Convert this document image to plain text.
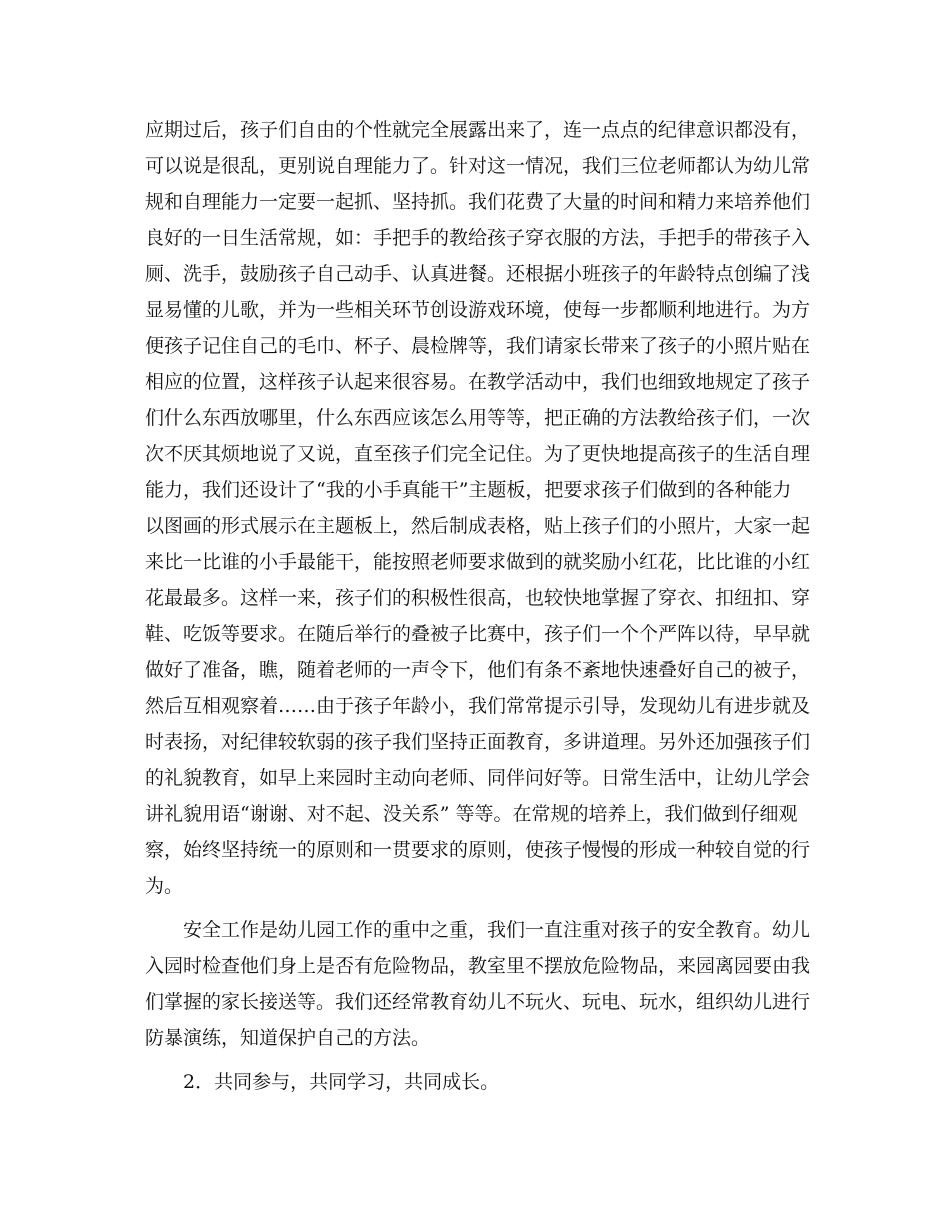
应期过后，孩子们自由的个性就完全展露出来了，连一点点的纪律意识都没有，
可以说是很乱，更别说自理能力了。针对这一情况，我们三位老师都认为幼儿常
规和自理能力一定要一起抓、坚持抓。我们花费了大量的时间和精力来培养他们
良好的一日生活常规，如：手把手的教给孩子穿衣服的方法，手把手的带孩子入
厕、洗手，鼓励孩子自己动手、认真进餐。还根据小班孩子的年龄特点创编了浅
显易懂的儿歌，并为一些相关环节创设游戏环境，使每一步都顺利地进行。为方
便孩子记住自己的毛巾、杯子、晨检牌等，我们请家长带来了孩子的小照片贴在
相应的位置，这样孩子认起来很容易。在教学活动中，我们也细致地规定了孩子
们什么东西放哪里，什么东西应该怎么用等等，把正确的方法教给孩子们，一次
次不厌其烦地说了又说，直至孩子们完全记住。为了更快地提高孩子的生活自理
能力，我们还设计了“我的小手真能干”主题板，把要求孩子们做到的各种能力
以图画的形式展示在主题板上，然后制成表格，贴上孩子们的小照片，大家一起
来比一比谁的小手最能干，能按照老师要求做到的就奖励小红花，比比谁的小红
花最最多。这样一来，孩子们的积极性很高，也较快地掌握了穿衣、扣纽扣、穿
鞋、吃饭等要求。在随后举行的叠被子比赛中，孩子们一个个严阵以待，早早就
做好了准备，瞧，随着老师的一声令下，他们有条不紊地快速叠好自己的被子，
然后互相观察着……由于孩子年龄小，我们常常提示引导，发现幼儿有进步就及
时表扬，对纪律较软弱的孩子我们坚持正面教育，多讲道理。另外还加强孩子们
的礼貌教育，如早上来园时主动向老师、同伴问好等。日常生活中，让幼儿学会
讲礼貌用语“谢谢、对不起、没关系” 等等。在常规的培养上，我们做到仔细观
察，始终坚持统一的原则和一贯要求的原则，使孩子慢慢的形成一种较自觉的行
为。
　　安全工作是幼儿园工作的重中之重，我们一直注重对孩子的安全教育。幼儿
入园时检查他们身上是否有危险物品，教室里不摆放危险物品，来园离园要由我
们掌握的家长接送等。我们还经常教育幼儿不玩火、玩电、玩水，组织幼儿进行
防暴演练，知道保护自己的方法。
　　2．共同参与，共同学习，共同成长。
